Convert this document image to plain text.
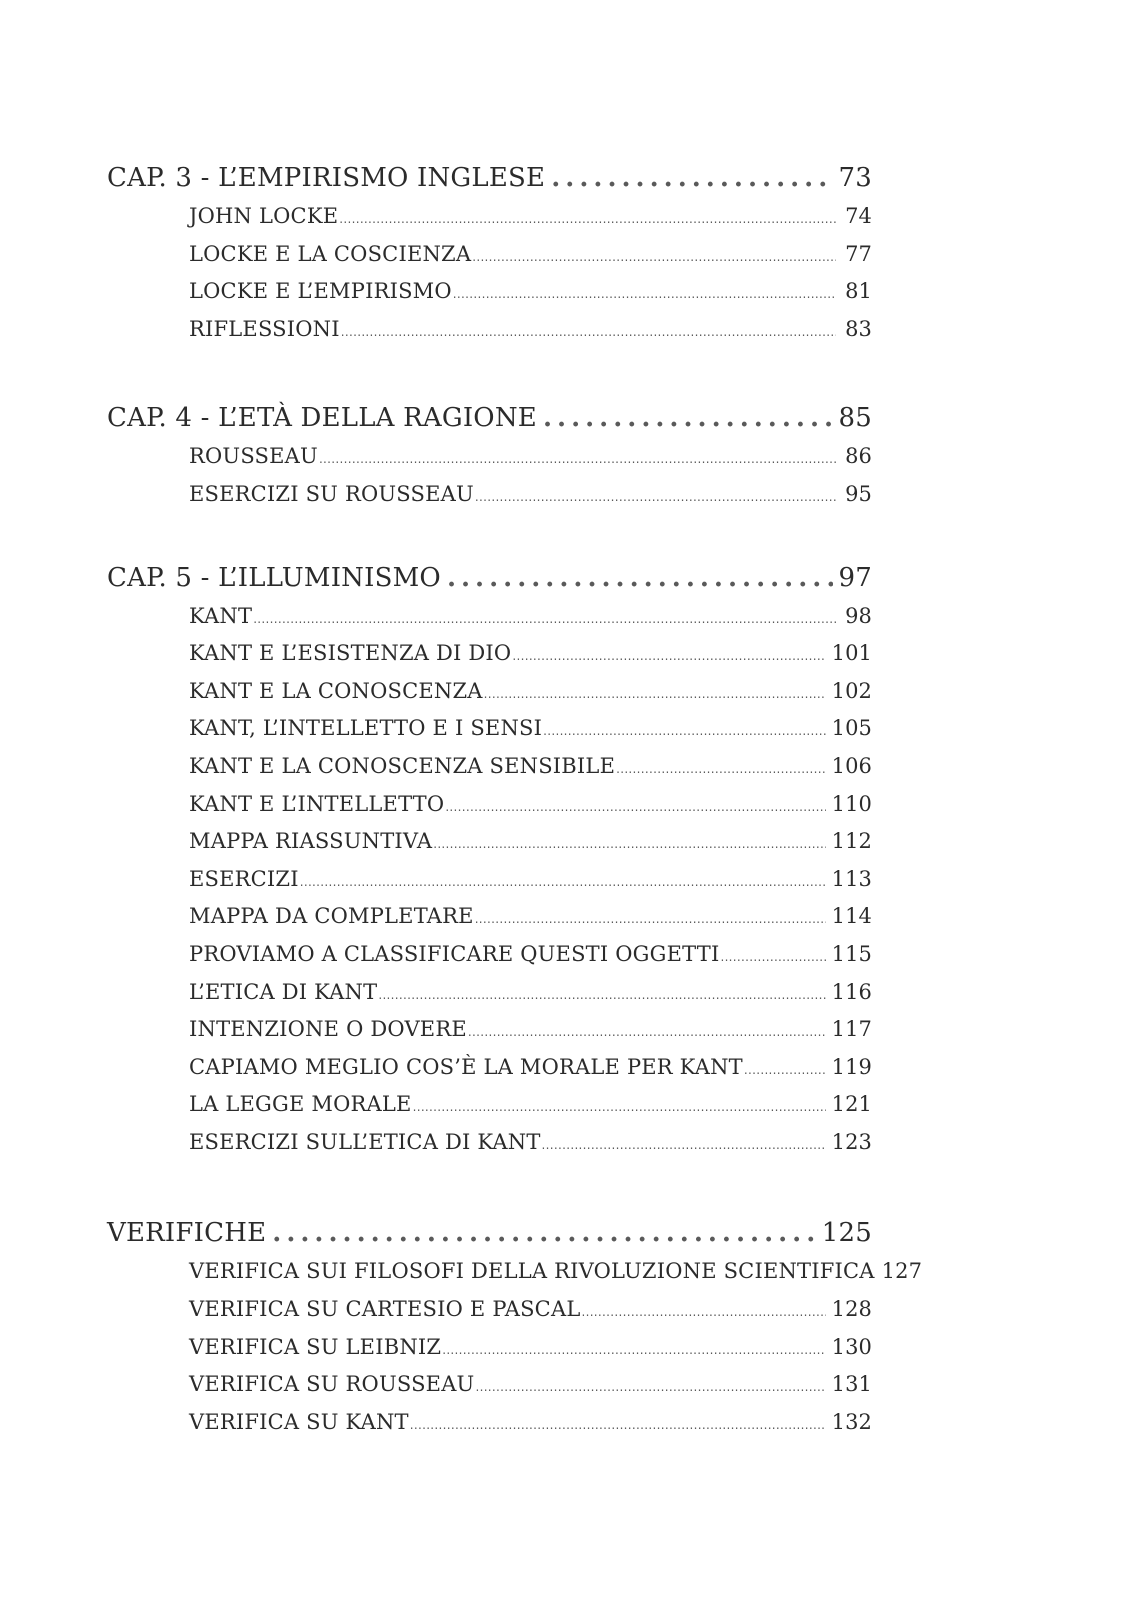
CAP. 3 - L’EMPIRISMO INGLESE .....	73
JOHN LOCKE .....	74
LOCKE E LA COSCIENZA .....	77
LOCKE E L’EMPIRISMO .....	81
RIFLESSIONI .....	83
CAP. 4 - L’ETÀ DELLA RAGIONE .....	85
ROUSSEAU .....	86
ESERCIZI SU ROUSSEAU .....	95
CAP. 5 - L’ILLUMINISMO .....	97
KANT .....	98
KANT E L’ESISTENZA DI DIO .....	101
KANT E LA CONOSCENZA .....	102
KANT, L’INTELLETTO E I SENSI .....	105
KANT E LA CONOSCENZA SENSIBILE .....	106
KANT E L’INTELLETTO .....	110
MAPPA RIASSUNTIVA .....	112
ESERCIZI .....	113
MAPPA DA COMPLETARE .....	114
PROVIAMO A CLASSIFICARE QUESTI OGGETTI .....	115
L’ETICA DI KANT .....	116
INTENZIONE O DOVERE .....	117
CAPIAMO MEGLIO COS’È LA MORALE PER KANT .....	119
LA LEGGE MORALE .....	121
ESERCIZI SULL’ETICA DI KANT .....	123
VERIFICHE .....	125
VERIFICA SUI FILOSOFI DELLA RIVOLUZIONE SCIENTIFICA 127
VERIFICA SU CARTESIO E PASCAL .....	128
VERIFICA SU LEIBNIZ .....	130
VERIFICA SU ROUSSEAU .....	131
VERIFICA SU KANT .....	132
